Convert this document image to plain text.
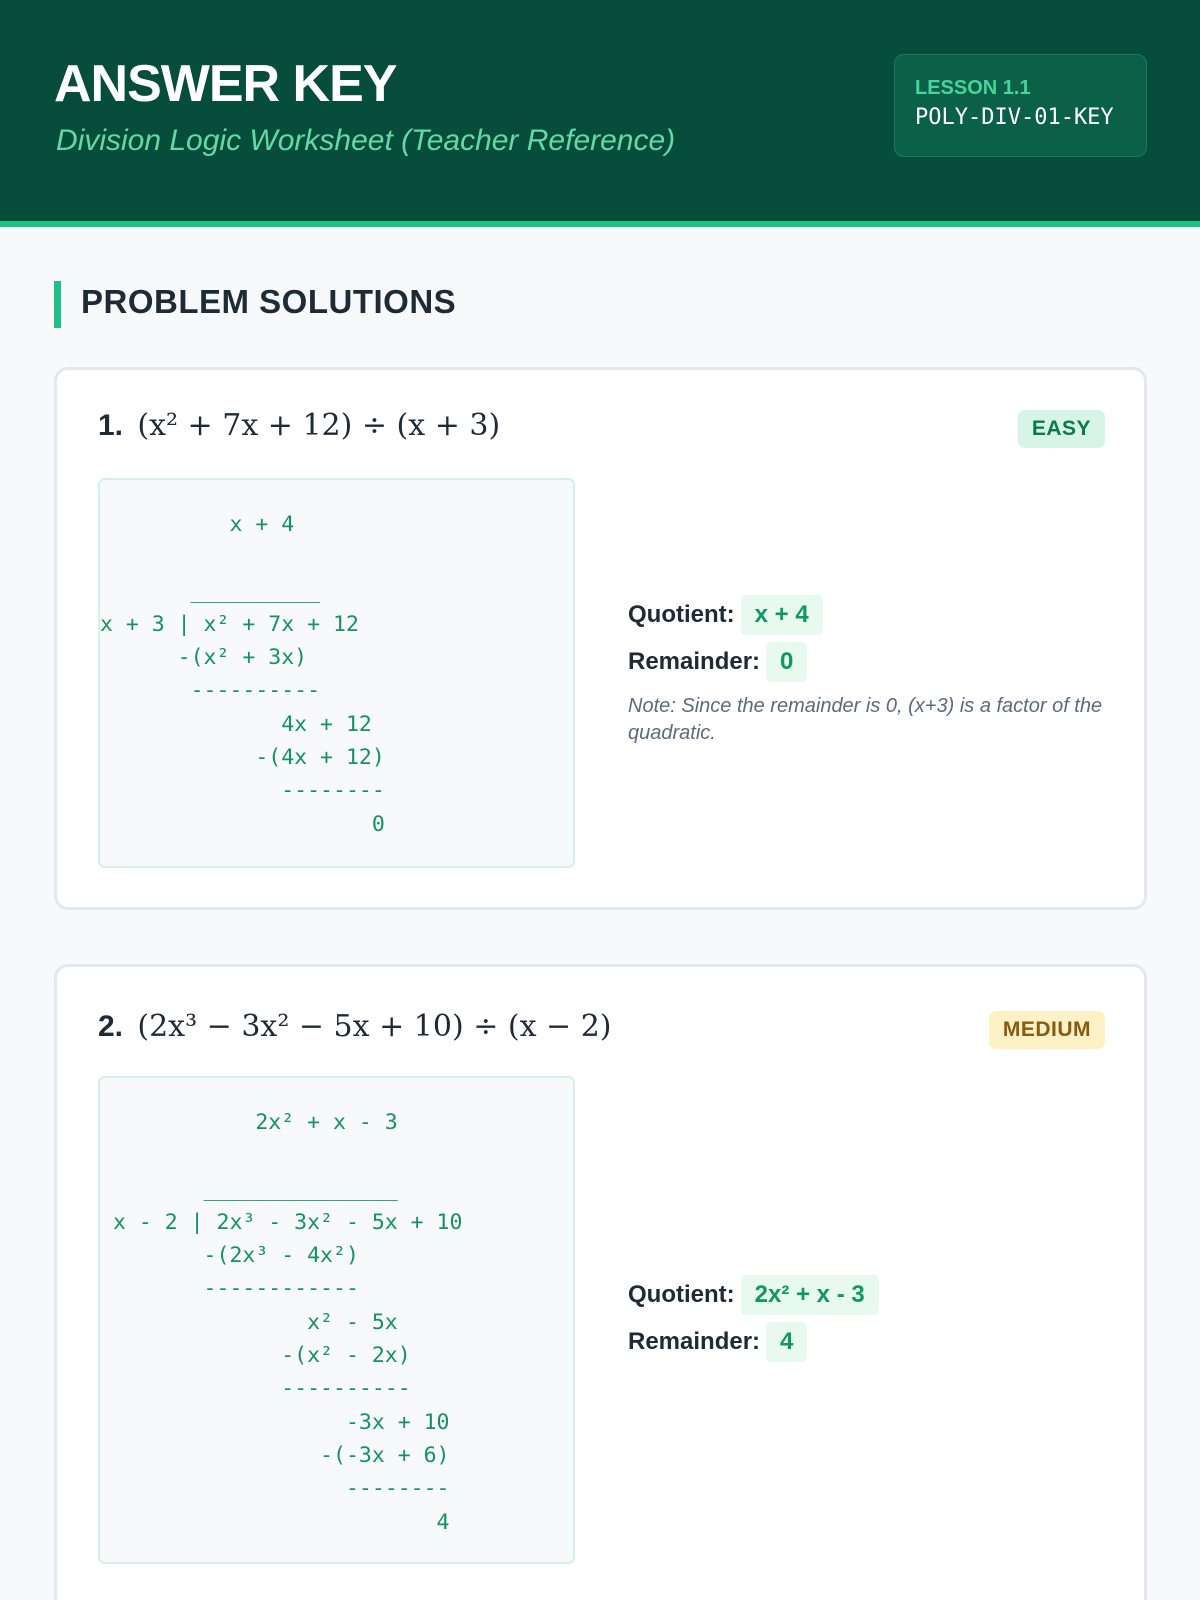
ANSWER KEY
Division Logic Worksheet (Teacher Reference)
LESSON 1.1
POLY-DIV-01-KEY
PROBLEM SOLUTIONS
1. (x² + 7x + 12) ÷ (x + 3)	EASY
x + 4

__________
x + 3 | x² + 7x + 12
-(x² + 3x)
----------
4x + 12
-(4x + 12)
--------
0
Quotient: x + 4
Remainder: 0
Note: Since the remainder is 0, (x+3) is a factor of the quadratic.
2. (2x³ − 3x² − 5x + 10) ÷ (x − 2)	MEDIUM
2x² + x - 3

_______________
x - 2 | 2x³ - 3x² - 5x + 10
-(2x³ - 4x²)
------------
x² - 5x
-(x² - 2x)
----------
-3x + 10
-(-3x + 6)
--------
4
Quotient: 2x² + x - 3
Remainder: 4
